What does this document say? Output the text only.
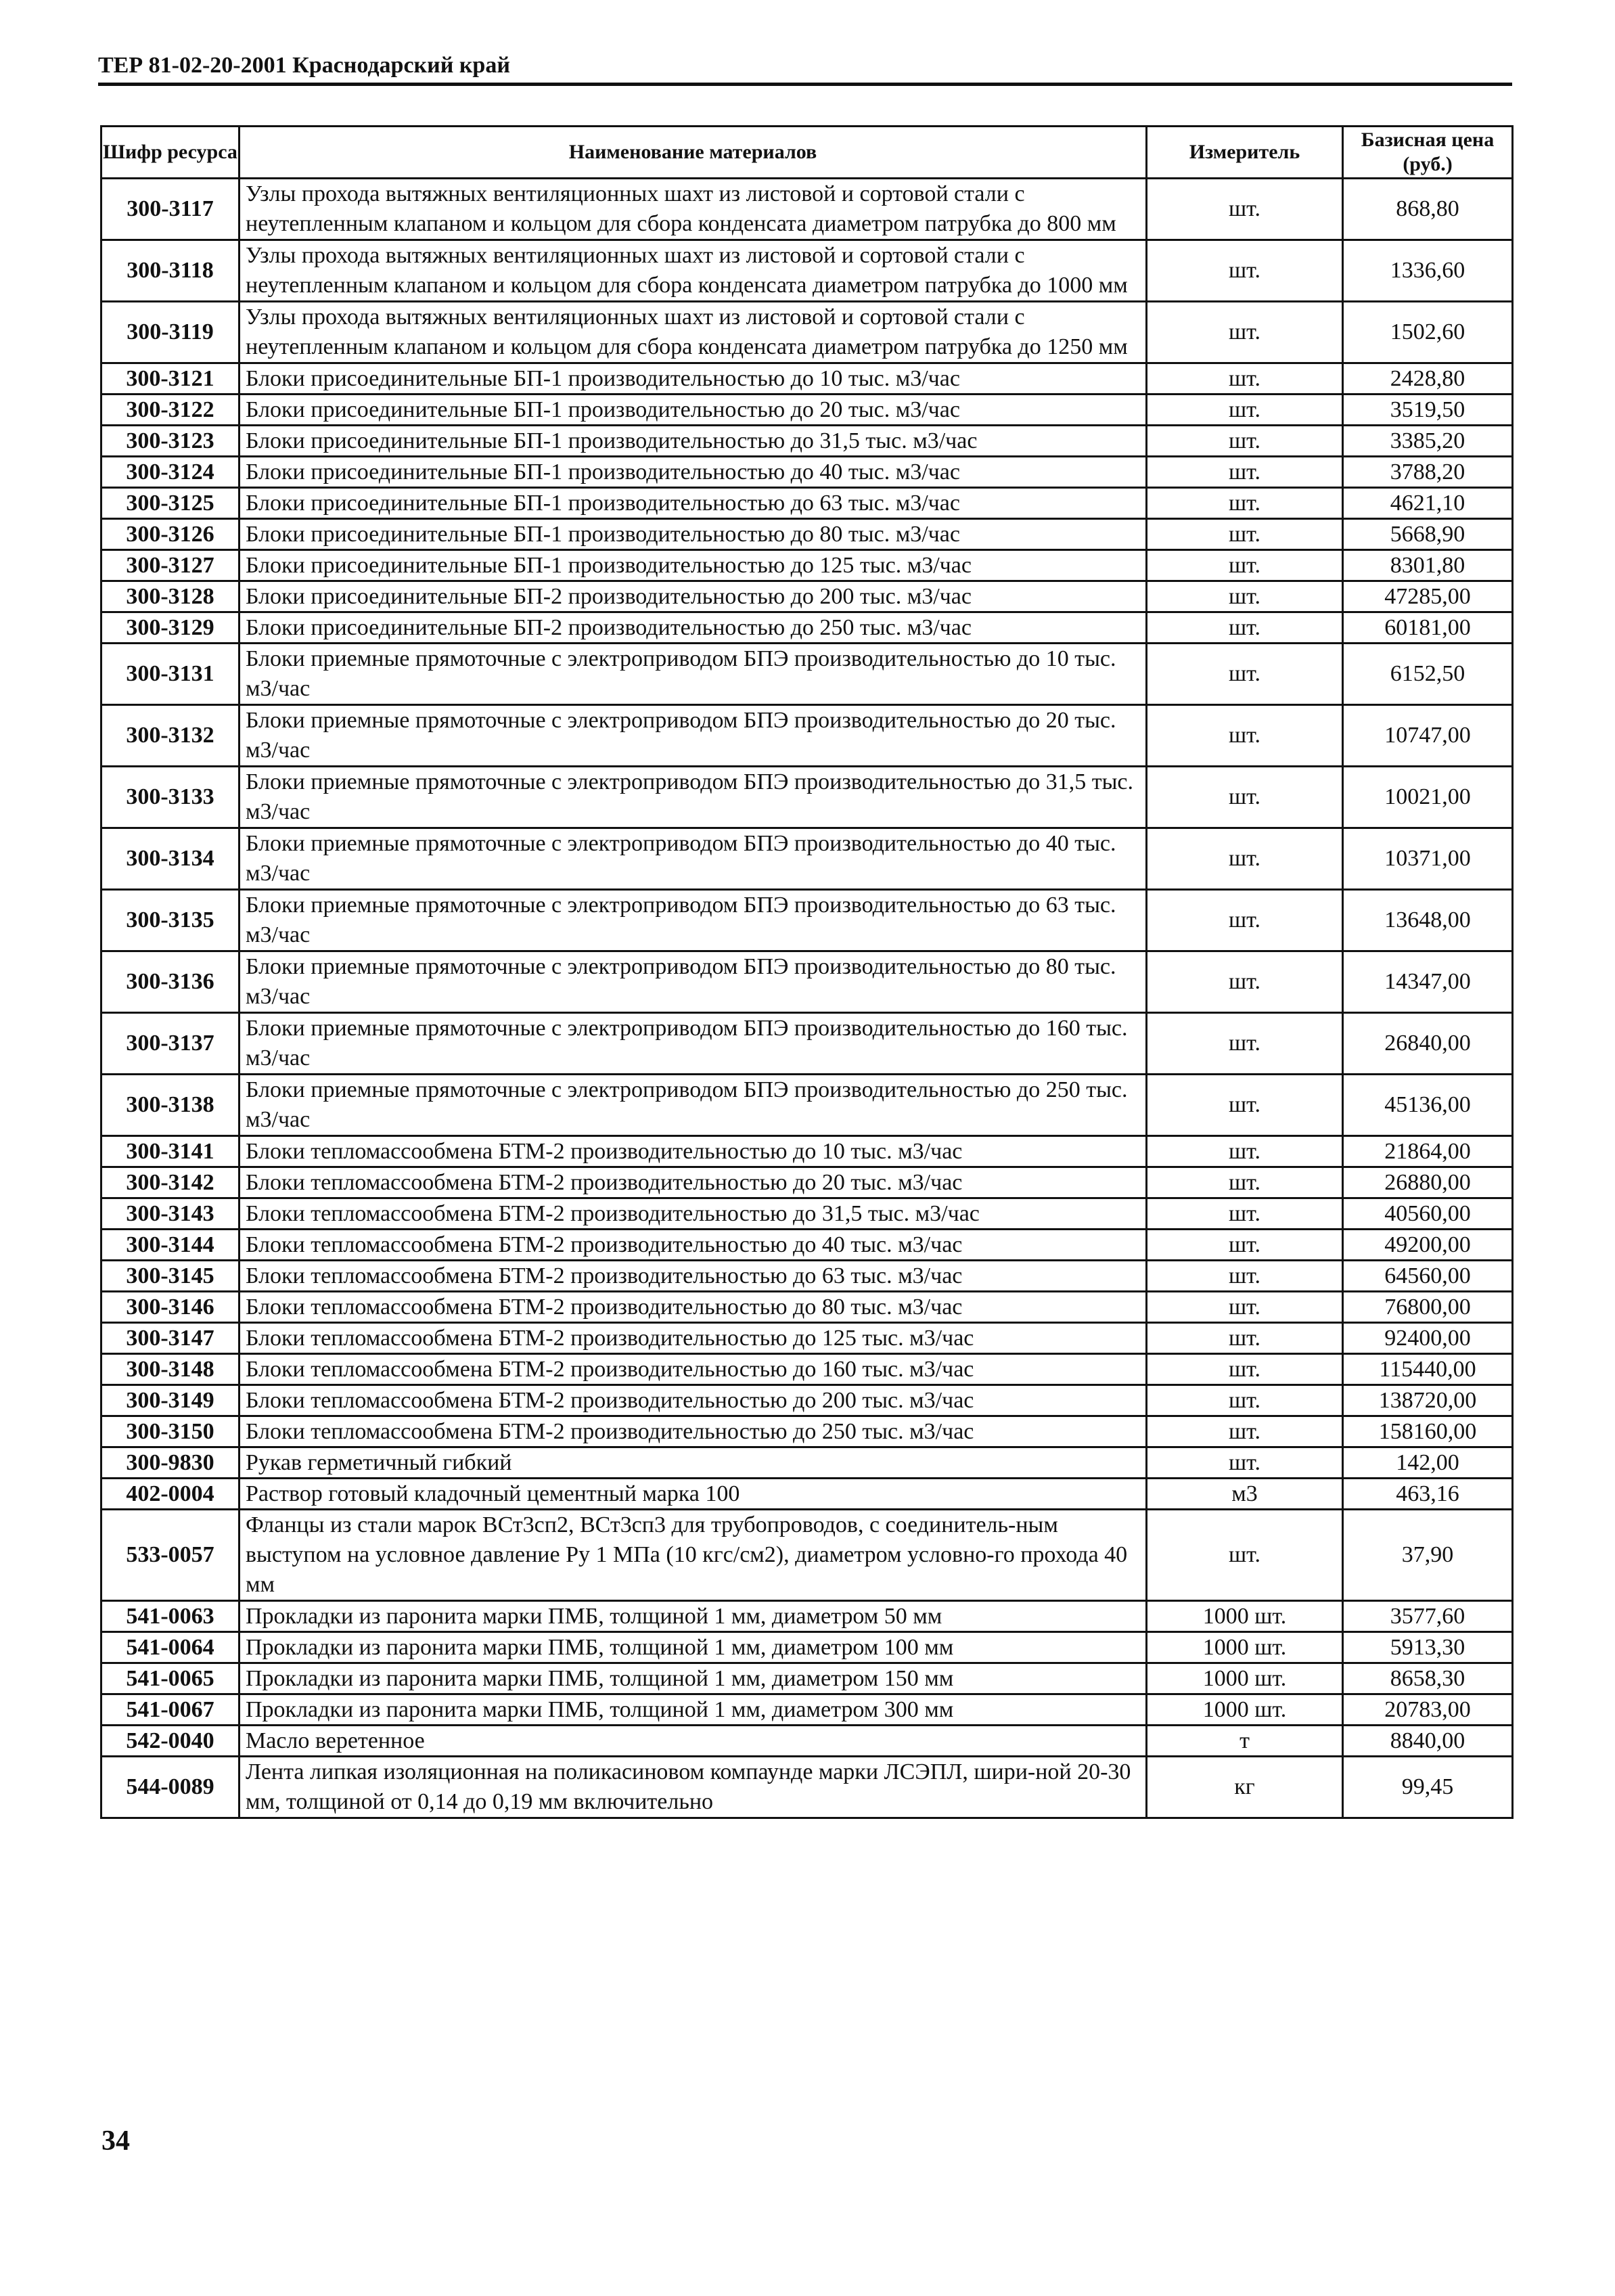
ТЕР 81-02-20-2001 Краснодарский край
Шифр ресурса	Наименование материалов	Измеритель	Базисная цена (руб.)
300-3117	Узлы прохода вытяжных вентиляционных шахт из листовой и сортовой стали с неутепленным клапаном и кольцом для сбора конденсата диаметром патрубка до 800 мм	шт.	868,80
300-3118	Узлы прохода вытяжных вентиляционных шахт из листовой и сортовой стали с неутепленным клапаном и кольцом для сбора конденсата диаметром патрубка до 1000 мм	шт.	1336,60
300-3119	Узлы прохода вытяжных вентиляционных шахт из листовой и сортовой стали с неутепленным клапаном и кольцом для сбора конденсата диаметром патрубка до 1250 мм	шт.	1502,60
300-3121	Блоки присоединительные БП-1 производительностью до 10 тыс. м3/час	шт.	2428,80
300-3122	Блоки присоединительные БП-1 производительностью до 20 тыс. м3/час	шт.	3519,50
300-3123	Блоки присоединительные БП-1 производительностью до 31,5 тыс. м3/час	шт.	3385,20
300-3124	Блоки присоединительные БП-1 производительностью до 40 тыс. м3/час	шт.	3788,20
300-3125	Блоки присоединительные БП-1 производительностью до 63 тыс. м3/час	шт.	4621,10
300-3126	Блоки присоединительные БП-1 производительностью до 80 тыс. м3/час	шт.	5668,90
300-3127	Блоки присоединительные БП-1 производительностью до 125 тыс. м3/час	шт.	8301,80
300-3128	Блоки присоединительные БП-2 производительностью до 200 тыс. м3/час	шт.	47285,00
300-3129	Блоки присоединительные БП-2 производительностью до 250 тыс. м3/час	шт.	60181,00
300-3131	Блоки приемные прямоточные с электроприводом БПЭ производительностью до 10 тыс. м3/час	шт.	6152,50
300-3132	Блоки приемные прямоточные с электроприводом БПЭ производительностью до 20 тыс. м3/час	шт.	10747,00
300-3133	Блоки приемные прямоточные с электроприводом БПЭ производительностью до 31,5 тыс. м3/час	шт.	10021,00
300-3134	Блоки приемные прямоточные с электроприводом БПЭ производительностью до 40 тыс. м3/час	шт.	10371,00
300-3135	Блоки приемные прямоточные с электроприводом БПЭ производительностью до 63 тыс. м3/час	шт.	13648,00
300-3136	Блоки приемные прямоточные с электроприводом БПЭ производительностью до 80 тыс. м3/час	шт.	14347,00
300-3137	Блоки приемные прямоточные с электроприводом БПЭ производительностью до 160 тыс. м3/час	шт.	26840,00
300-3138	Блоки приемные прямоточные с электроприводом БПЭ производительностью до 250 тыс. м3/час	шт.	45136,00
300-3141	Блоки тепломассообмена БТМ-2 производительностью до 10 тыс. м3/час	шт.	21864,00
300-3142	Блоки тепломассообмена БТМ-2 производительностью до 20 тыс. м3/час	шт.	26880,00
300-3143	Блоки тепломассообмена БТМ-2 производительностью до 31,5 тыс. м3/час	шт.	40560,00
300-3144	Блоки тепломассообмена БТМ-2 производительностью до 40 тыс. м3/час	шт.	49200,00
300-3145	Блоки тепломассообмена БТМ-2 производительностью до 63 тыс. м3/час	шт.	64560,00
300-3146	Блоки тепломассообмена БТМ-2 производительностью до 80 тыс. м3/час	шт.	76800,00
300-3147	Блоки тепломассообмена БТМ-2 производительностью до 125 тыс. м3/час	шт.	92400,00
300-3148	Блоки тепломассообмена БТМ-2 производительностью до 160 тыс. м3/час	шт.	115440,00
300-3149	Блоки тепломассообмена БТМ-2 производительностью до 200 тыс. м3/час	шт.	138720,00
300-3150	Блоки тепломассообмена БТМ-2 производительностью до 250 тыс. м3/час	шт.	158160,00
300-9830	Рукав герметичный гибкий	шт.	142,00
402-0004	Раствор готовый кладочный цементный марка 100	м3	463,16
533-0057	Фланцы из стали марок ВСт3сп2, ВСт3сп3 для трубопроводов, с соединитель-ным выступом на условное давление Ру 1 МПа (10 кгс/см2), диаметром условно-го прохода 40 мм	шт.	37,90
541-0063	Прокладки из паронита марки ПМБ, толщиной 1 мм, диаметром 50 мм	1000 шт.	3577,60
541-0064	Прокладки из паронита марки ПМБ, толщиной 1 мм, диаметром 100 мм	1000 шт.	5913,30
541-0065	Прокладки из паронита марки ПМБ, толщиной 1 мм, диаметром 150 мм	1000 шт.	8658,30
541-0067	Прокладки из паронита марки ПМБ, толщиной 1 мм, диаметром 300 мм	1000 шт.	20783,00
542-0040	Масло веретенное	т	8840,00
544-0089	Лента липкая изоляционная на поликасиновом компаунде марки ЛСЭПЛ, шири-ной 20-30 мм, толщиной от 0,14 до 0,19 мм включительно	кг	99,45
34
